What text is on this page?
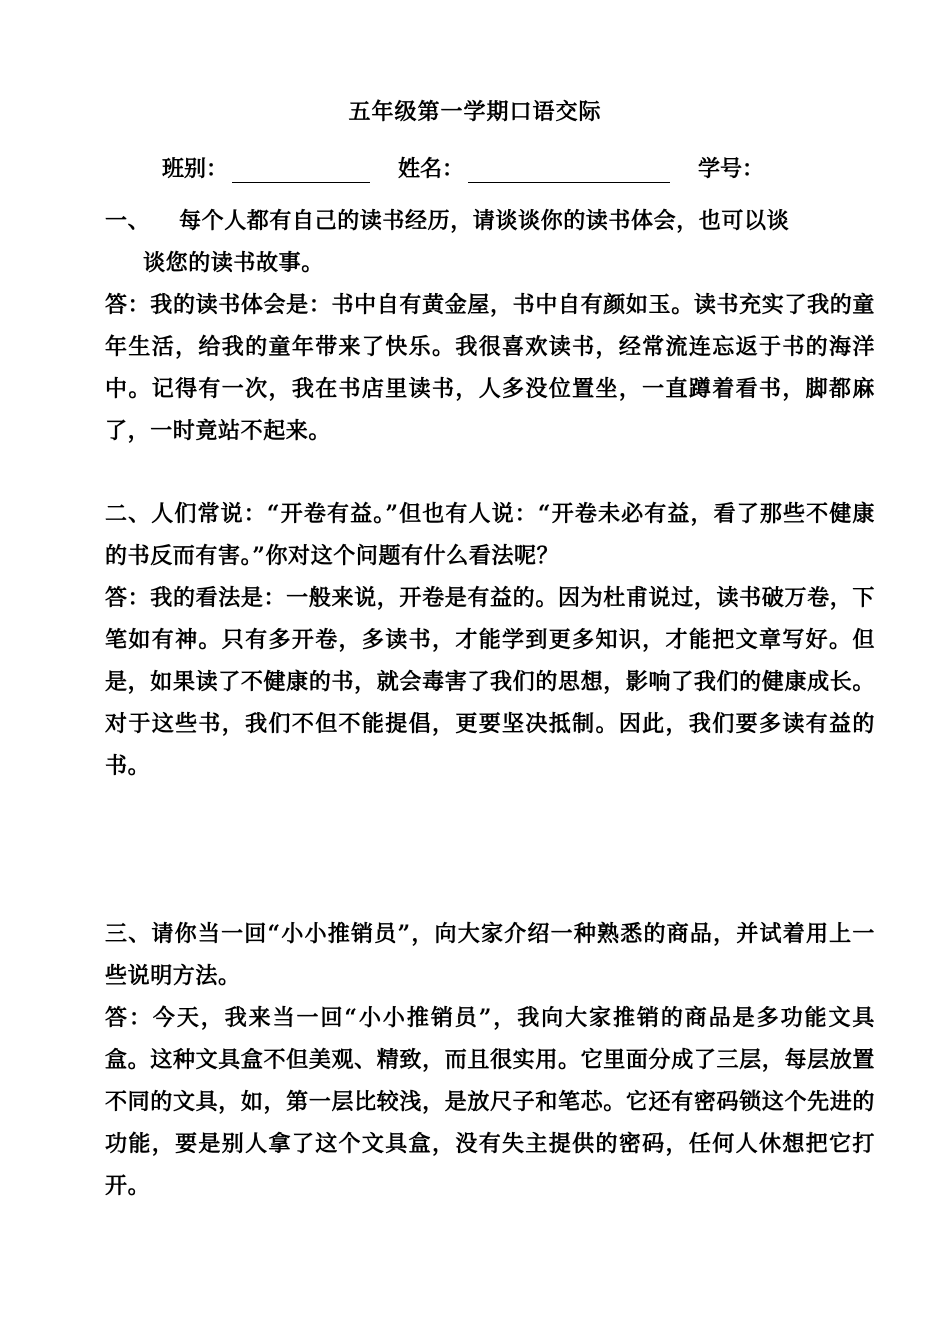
五年级第一学期口语交际
班别：	姓名：	学号：
一、 每个人都有自己的读书经历，请谈谈你的读书体会，也可以谈
谈您的读书故事。
答：我的读书体会是：书中自有黄金屋，书中自有颜如玉。读书充实了我的童年生活，给我的童年带来了快乐。我很喜欢读书，经常流连忘返于书的海洋中。记得有一次，我在书店里读书，人多没位置坐，一直蹲着看书，脚都麻了，一时竟站不起来。
二、人们常说：“开卷有益。”但也有人说：“开卷未必有益，看了那些不健康的书反而有害。”你对这个问题有什么看法呢？
答：我的看法是：一般来说，开卷是有益的。因为杜甫说过，读书破万卷，下笔如有神。只有多开卷，多读书，才能学到更多知识，才能把文章写好。但是，如果读了不健康的书，就会毒害了我们的思想，影响了我们的健康成长。对于这些书，我们不但不能提倡，更要坚决抵制。因此，我们要多读有益的书。
三、请你当一回“小小推销员”，向大家介绍一种熟悉的商品，并试着用上一些说明方法。
答：今天，我来当一回“小小推销员”，我向大家推销的商品是多功能文具盒。这种文具盒不但美观、精致，而且很实用。它里面分成了三层，每层放置不同的文具，如，第一层比较浅，是放尺子和笔芯。它还有密码锁这个先进的功能，要是别人拿了这个文具盒，没有失主提供的密码，任何人休想把它打开。
